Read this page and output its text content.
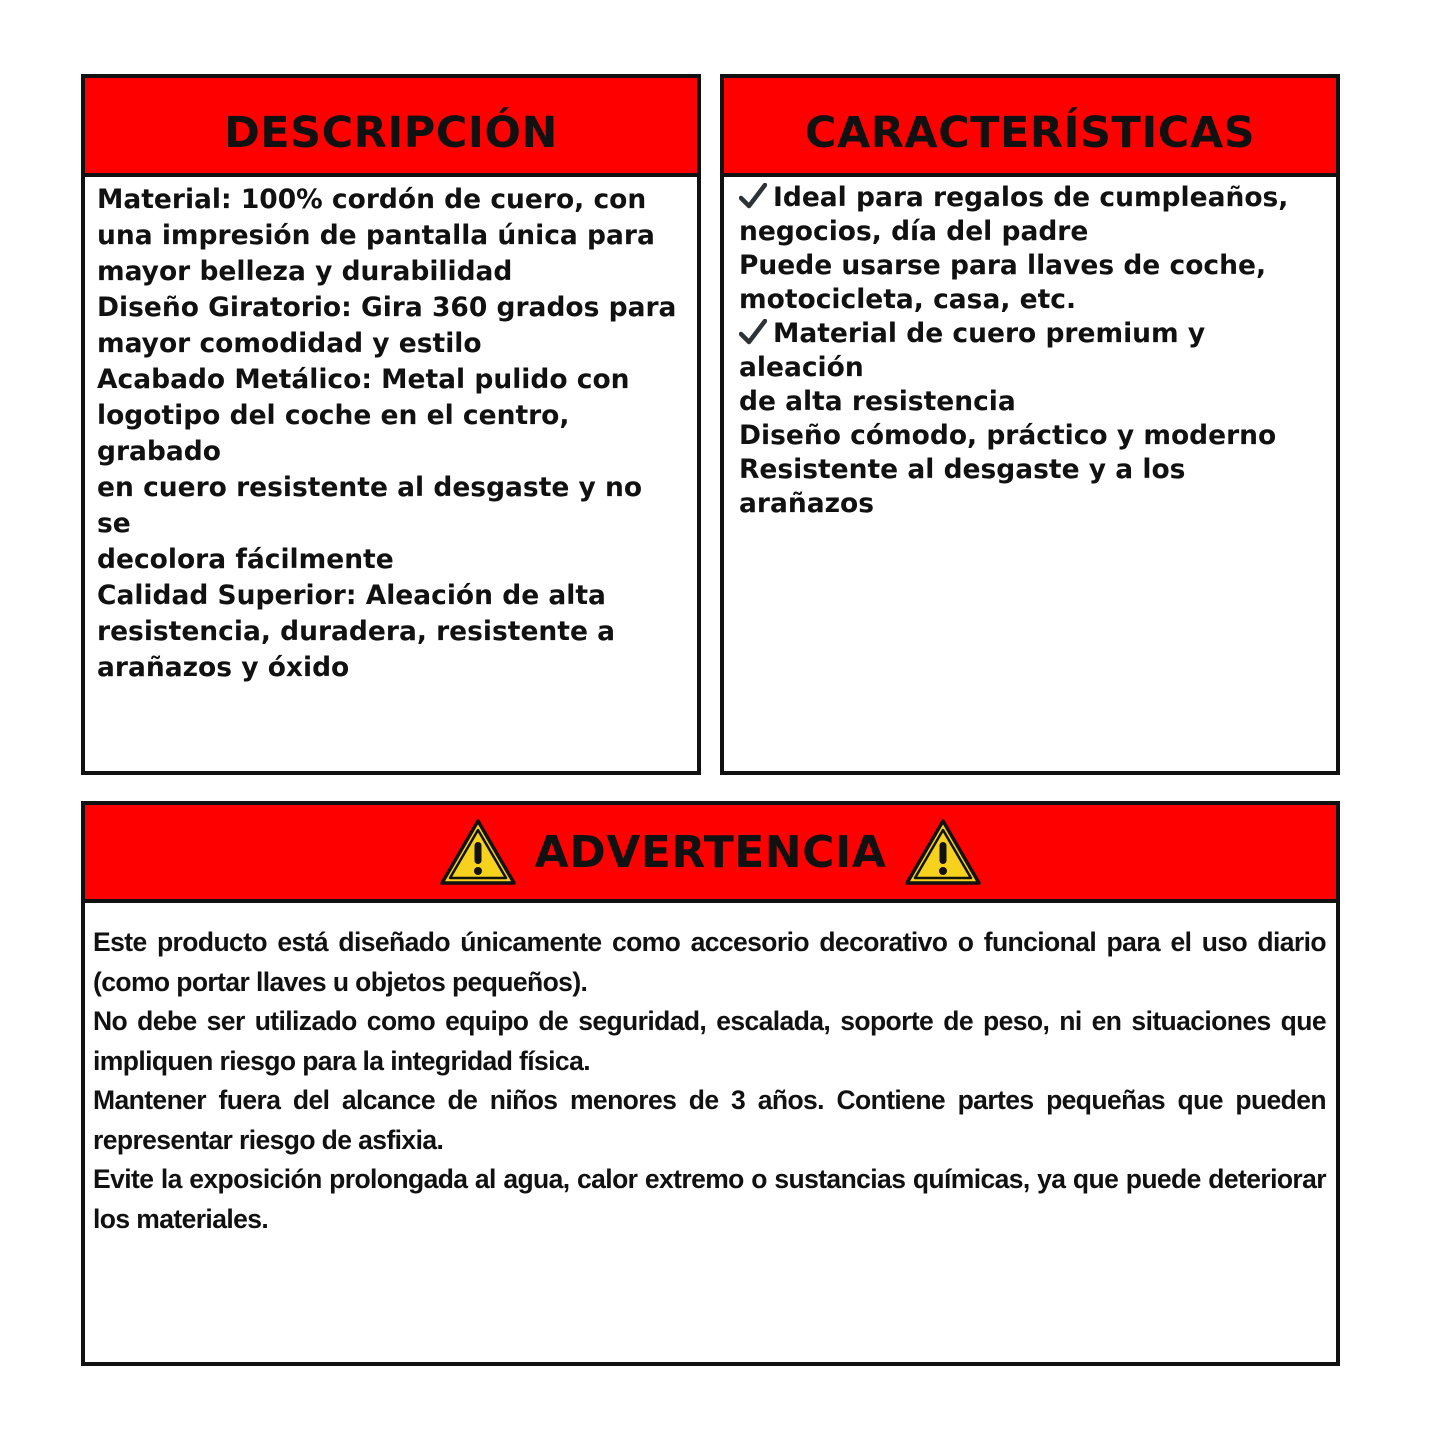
DESCRIPCIÓN
Material: 100% cordón de cuero, con
una impresión de pantalla única para
mayor belleza y durabilidad
Diseño Giratorio: Gira 360 grados para
mayor comodidad y estilo
Acabado Metálico: Metal pulido con
logotipo del coche en el centro, grabado
en cuero resistente al desgaste y no se
decolora fácilmente
Calidad Superior: Aleación de alta
resistencia, duradera, resistente a
arañazos y óxido
CARACTERÍSTICAS
Ideal para regalos de cumpleaños,
negocios, día del padre
Puede usarse para llaves de coche,
motocicleta, casa, etc.
Material de cuero premium y aleación
de alta resistencia
Diseño cómodo, práctico y moderno
Resistente al desgaste y a los arañazos
ADVERTENCIA

Este producto está diseñado únicamente como accesorio decorativo o funcional para el uso diario (como portar llaves u objetos pequeños).

No debe ser utilizado como equipo de seguridad, escalada, soporte de peso, ni en situaciones que impliquen riesgo para la integridad física.

Mantener fuera del alcance de niños menores de 3 años. Contiene partes pequeñas que pueden representar riesgo de asfixia.

Evite la exposición prolongada al agua, calor extremo o sustancias químicas, ya que puede deteriorar los materiales.
